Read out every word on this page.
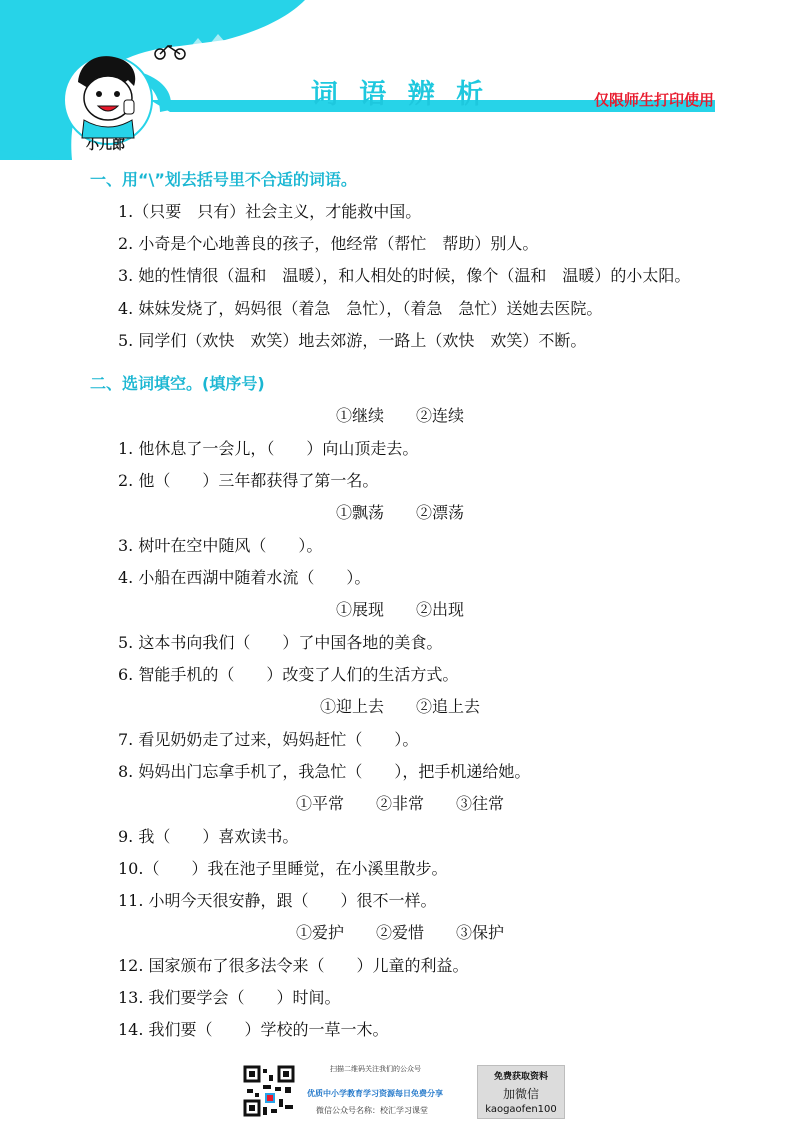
词 语 辨 析	仅限师生打印使用
小儿郎
一、用“\”划去括号里不合适的词语。
1.（只要　只有）社会主义，才能救中国。
2. 小奇是个心地善良的孩子，他经常（帮忙　帮助）别人。
3. 她的性情很（温和　温暖），和人相处的时候，像个（温和　温暖）的小太阳。
4. 妹妹发烧了，妈妈很（着急　急忙），（着急　急忙）送她去医院。
5. 同学们（欢快　欢笑）地去郊游，一路上（欢快　欢笑）不断。
二、选词填空。(填序号)
①继续　　②连续
1. 他休息了一会儿，（　　）向山顶走去。
2. 他（　　）三年都获得了第一名。
①飘荡　　②漂荡
3. 树叶在空中随风（　　）。
4. 小船在西湖中随着水流（　　）。
①展现　　②出现
5. 这本书向我们（　　）了中国各地的美食。
6. 智能手机的（　　）改变了人们的生活方式。
①迎上去　　②追上去
7. 看见奶奶走了过来，妈妈赶忙（　　）。
8. 妈妈出门忘拿手机了，我急忙（　　），把手机递给她。
①平常　　②非常　　③往常
9. 我（　　）喜欢读书。
10.（　　）我在池子里睡觉，在小溪里散步。
11. 小明今天很安静，跟（　　）很不一样。
①爱护　　②爱惜　　③保护
12. 国家颁布了很多法令来（　　）儿童的利益。
13. 我们要学会（　　）时间。
14. 我们要（　　）学校的一草一木。
扫描二维码关注我们的公众号
优质中小学教育学习资源每日免费分享
微信公众号名称：校汇学习课堂
免费获取资料
加微信
kaogaofen100
